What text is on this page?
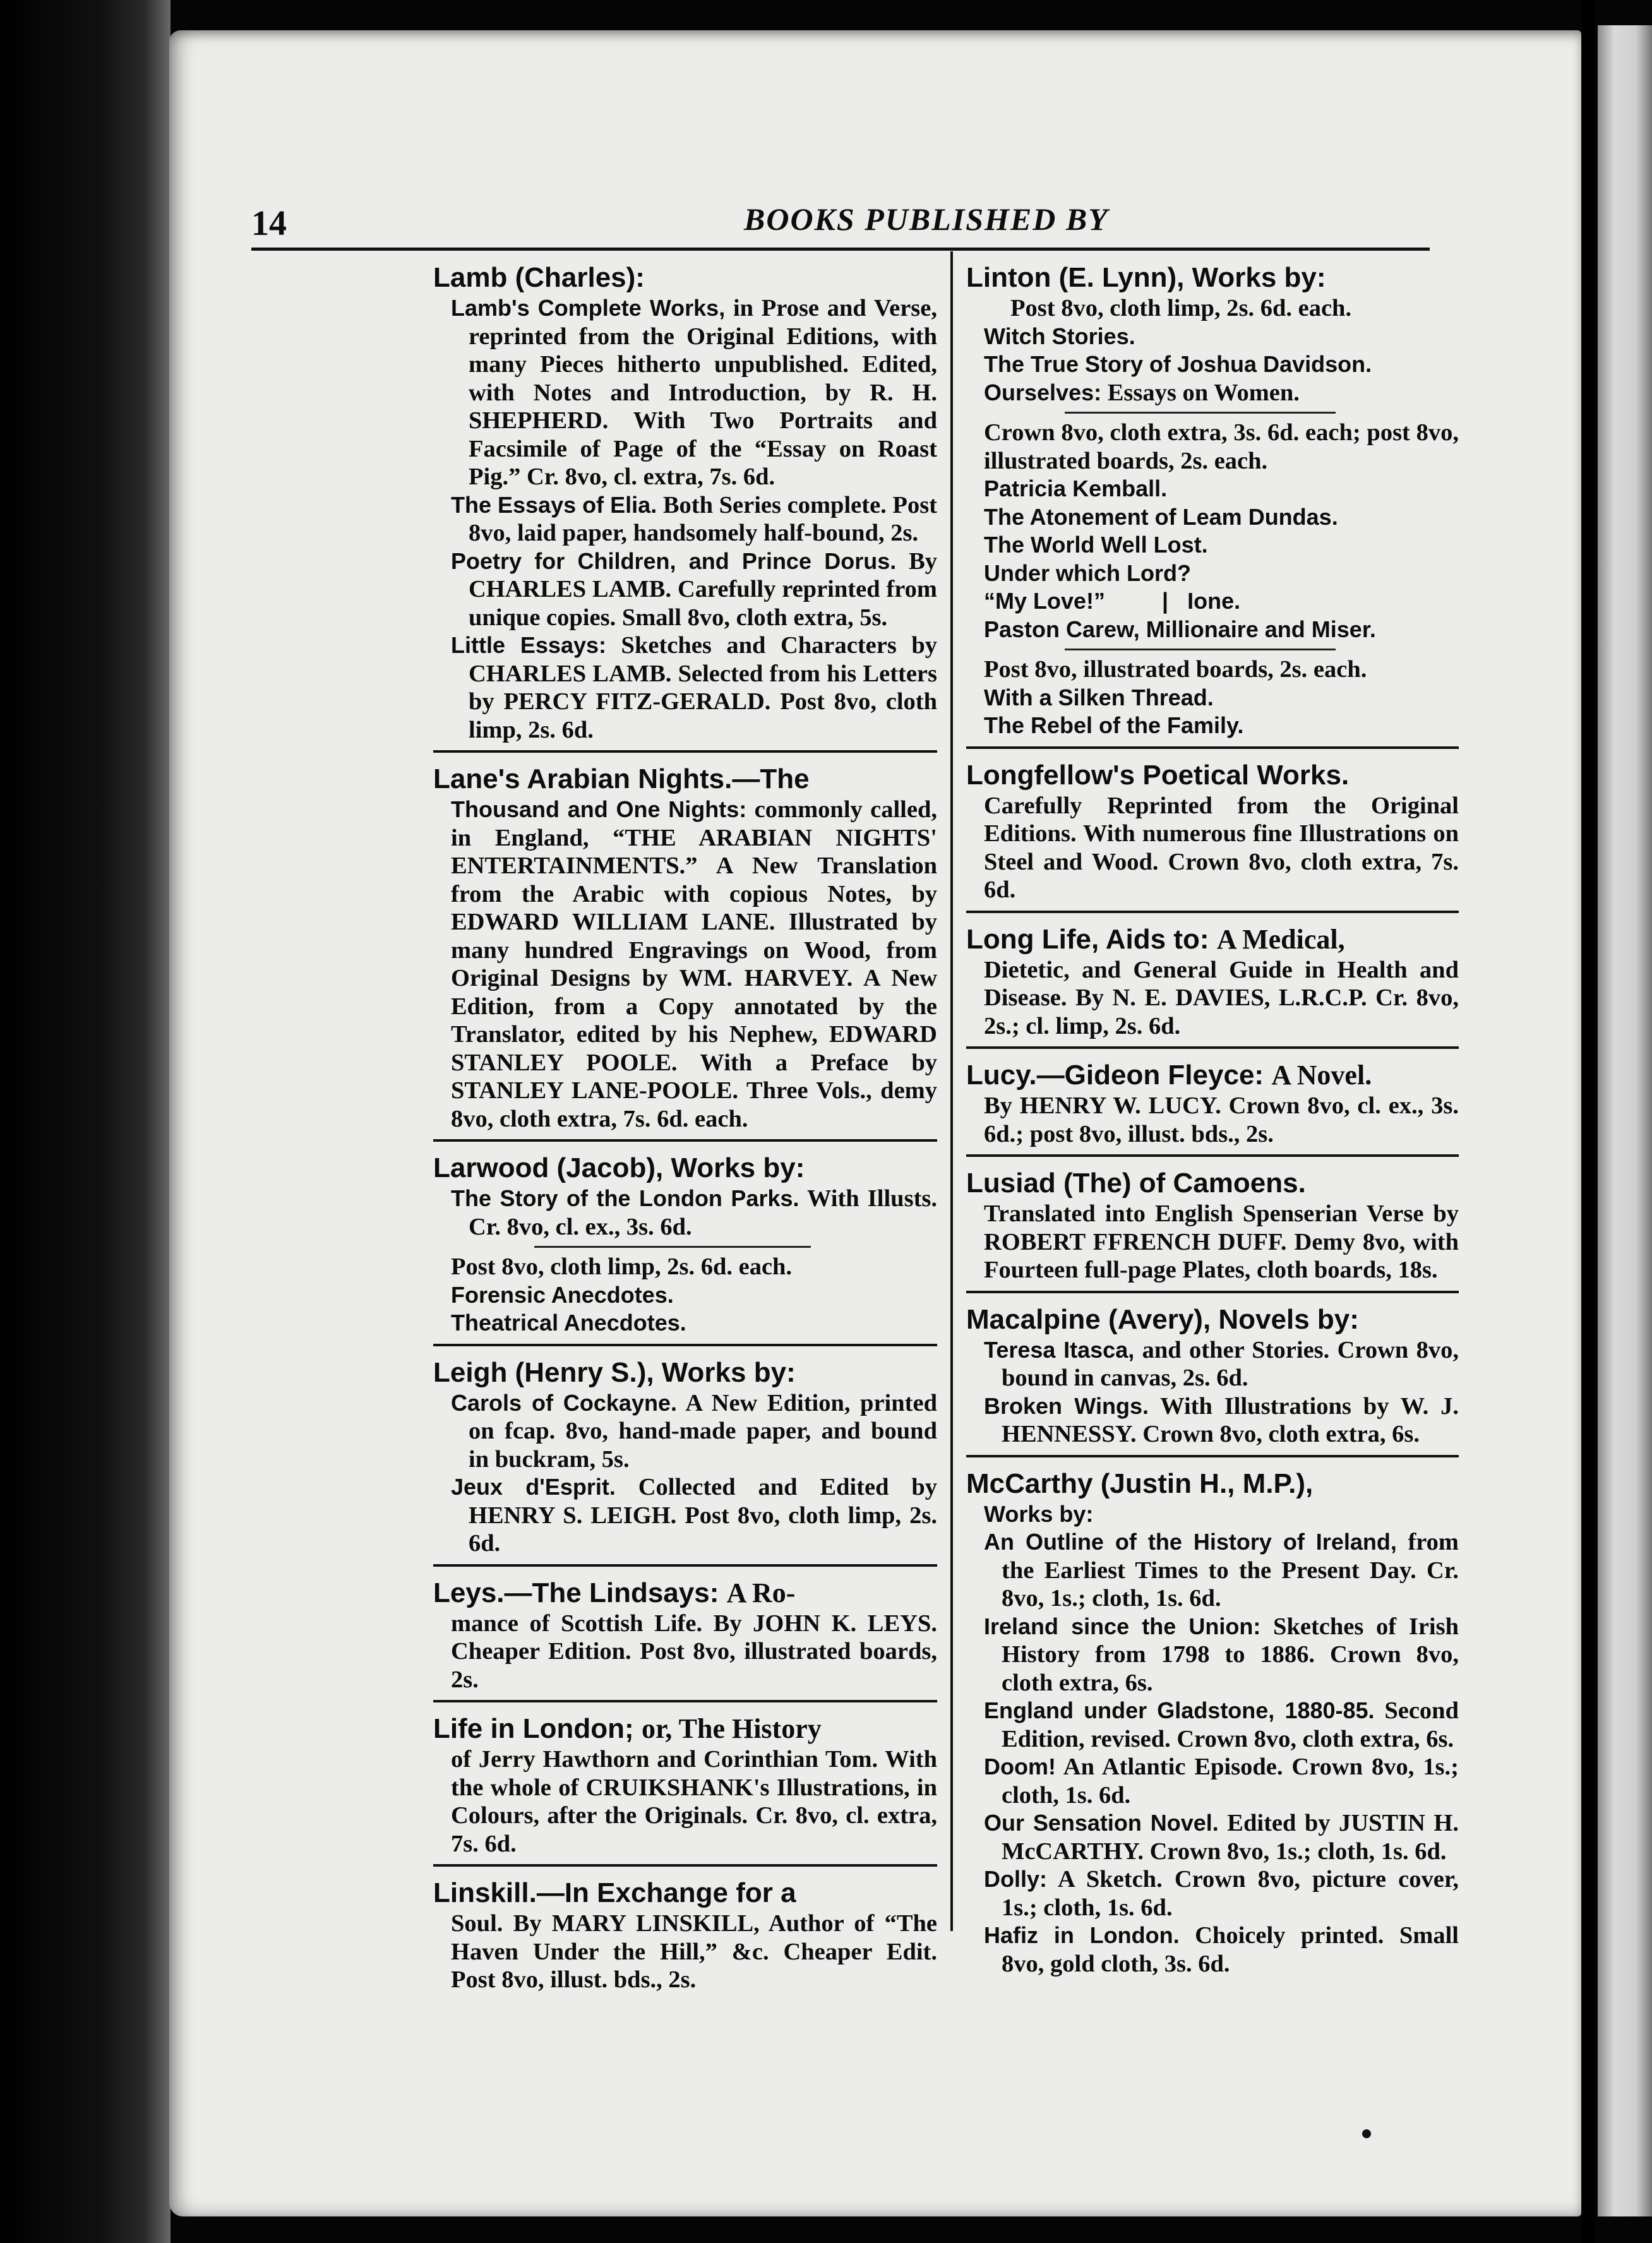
14	BOOKS PUBLISHED BY
Lamb (Charles):
Lamb's Complete Works, in Prose and Verse, reprinted from the Original Editions, with many Pieces hitherto unpublished. Edited, with Notes and Introduction, by R. H. SHEPHERD. With Two Portraits and Facsimile of Page of the “Essay on Roast Pig.” Cr. 8vo, cl. extra, 7s. 6d.
The Essays of Elia. Both Series complete. Post 8vo, laid paper, handsomely half-bound, 2s.
Poetry for Children, and Prince Dorus. By CHARLES LAMB. Carefully reprinted from unique copies. Small 8vo, cloth extra, 5s.
Little Essays: Sketches and Characters by CHARLES LAMB. Selected from his Letters by PERCY FITZ-GERALD. Post 8vo, cloth limp, 2s. 6d.
Lane's Arabian Nights.—The
Thousand and One Nights: commonly called, in England, “THE ARABIAN NIGHTS' ENTERTAINMENTS.” A New Translation from the Arabic with copious Notes, by EDWARD WILLIAM LANE. Illustrated by many hundred Engravings on Wood, from Original Designs by WM. HARVEY. A New Edition, from a Copy annotated by the Translator, edited by his Nephew, EDWARD STANLEY POOLE. With a Preface by STANLEY LANE-POOLE. Three Vols., demy 8vo, cloth extra, 7s. 6d. each.
Larwood (Jacob), Works by:
The Story of the London Parks. With Illusts. Cr. 8vo, cl. ex., 3s. 6d.
Post 8vo, cloth limp, 2s. 6d. each.
Forensic Anecdotes.
Theatrical Anecdotes.
Leigh (Henry S.), Works by:
Carols of Cockayne. A New Edition, printed on fcap. 8vo, hand-made paper, and bound in buckram, 5s.
Jeux d'Esprit. Collected and Edited by HENRY S. LEIGH. Post 8vo, cloth limp, 2s. 6d.
Leys.—The Lindsays: A Ro-
mance of Scottish Life. By JOHN K. LEYS. Cheaper Edition. Post 8vo, illustrated boards, 2s.
Life in London; or, The History
of Jerry Hawthorn and Corinthian Tom. With the whole of CRUIKSHANK's Illustrations, in Colours, after the Originals. Cr. 8vo, cl. extra, 7s. 6d.
Linskill.—In Exchange for a
Soul. By MARY LINSKILL, Author of “The Haven Under the Hill,” &c. Cheaper Edit. Post 8vo, illust. bds., 2s.
Linton (E. Lynn), Works by:
Post 8vo, cloth limp, 2s. 6d. each.
Witch Stories.
The True Story of Joshua Davidson.
Ourselves: Essays on Women.
Crown 8vo, cloth extra, 3s. 6d. each; post 8vo, illustrated boards, 2s. each.
Patricia Kemball.
The Atonement of Leam Dundas.
The World Well Lost.
Under which Lord?
“My Love!”	| Ione.
Paston Carew, Millionaire and Miser.
Post 8vo, illustrated boards, 2s. each.
With a Silken Thread.
The Rebel of the Family.
Longfellow's Poetical Works.
Carefully Reprinted from the Original Editions. With numerous fine Illustrations on Steel and Wood. Crown 8vo, cloth extra, 7s. 6d.
Long Life, Aids to: A Medical,
Dietetic, and General Guide in Health and Disease. By N. E. DAVIES, L.R.C.P. Cr. 8vo, 2s.; cl. limp, 2s. 6d.
Lucy.—Gideon Fleyce: A Novel.
By HENRY W. LUCY. Crown 8vo, cl. ex., 3s. 6d.; post 8vo, illust. bds., 2s.
Lusiad (The) of Camoens.
Translated into English Spenserian Verse by ROBERT FFRENCH DUFF. Demy 8vo, with Fourteen full-page Plates, cloth boards, 18s.
Macalpine (Avery), Novels by:
Teresa Itasca, and other Stories. Crown 8vo, bound in canvas, 2s. 6d.
Broken Wings. With Illustrations by W. J. HENNESSY. Crown 8vo, cloth extra, 6s.
McCarthy (Justin H., M.P.),
Works by:
An Outline of the History of Ireland, from the Earliest Times to the Present Day. Cr. 8vo, 1s.; cloth, 1s. 6d.
Ireland since the Union: Sketches of Irish History from 1798 to 1886. Crown 8vo, cloth extra, 6s.
England under Gladstone, 1880-85. Second Edition, revised. Crown 8vo, cloth extra, 6s.
Doom! An Atlantic Episode. Crown 8vo, 1s.; cloth, 1s. 6d.
Our Sensation Novel. Edited by JUSTIN H. McCARTHY. Crown 8vo, 1s.; cloth, 1s. 6d.
Dolly: A Sketch. Crown 8vo, picture cover, 1s.; cloth, 1s. 6d.
Hafiz in London. Choicely printed. Small 8vo, gold cloth, 3s. 6d.
